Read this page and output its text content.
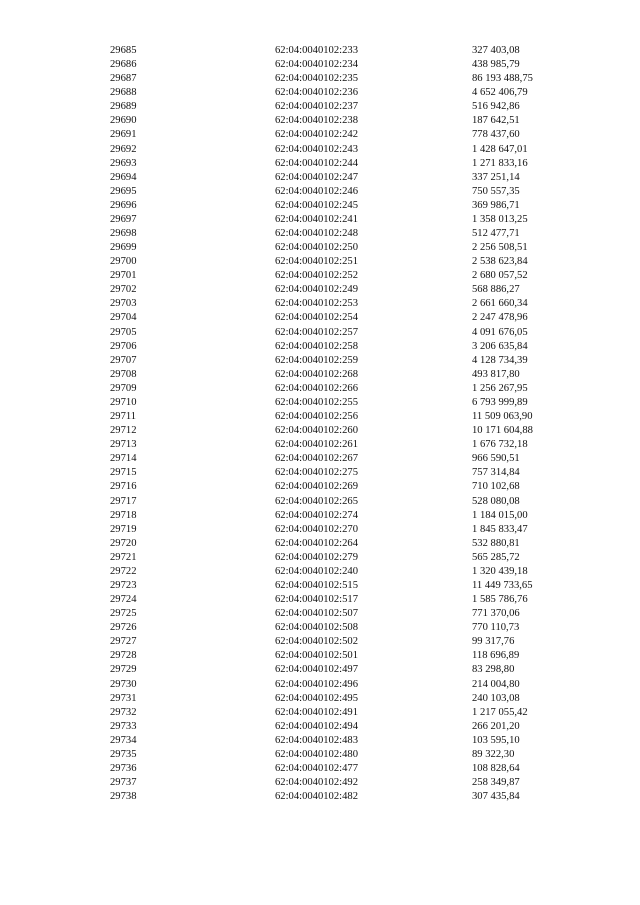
29685	62:04:0040102:233	327 403,08
29686	62:04:0040102:234	438 985,79
29687	62:04:0040102:235	86 193 488,75
29688	62:04:0040102:236	4 652 406,79
29689	62:04:0040102:237	516 942,86
29690	62:04:0040102:238	187 642,51
29691	62:04:0040102:242	778 437,60
29692	62:04:0040102:243	1 428 647,01
29693	62:04:0040102:244	1 271 833,16
29694	62:04:0040102:247	337 251,14
29695	62:04:0040102:246	750 557,35
29696	62:04:0040102:245	369 986,71
29697	62:04:0040102:241	1 358 013,25
29698	62:04:0040102:248	512 477,71
29699	62:04:0040102:250	2 256 508,51
29700	62:04:0040102:251	2 538 623,84
29701	62:04:0040102:252	2 680 057,52
29702	62:04:0040102:249	568 886,27
29703	62:04:0040102:253	2 661 660,34
29704	62:04:0040102:254	2 247 478,96
29705	62:04:0040102:257	4 091 676,05
29706	62:04:0040102:258	3 206 635,84
29707	62:04:0040102:259	4 128 734,39
29708	62:04:0040102:268	493 817,80
29709	62:04:0040102:266	1 256 267,95
29710	62:04:0040102:255	6 793 999,89
29711	62:04:0040102:256	11 509 063,90
29712	62:04:0040102:260	10 171 604,88
29713	62:04:0040102:261	1 676 732,18
29714	62:04:0040102:267	966 590,51
29715	62:04:0040102:275	757 314,84
29716	62:04:0040102:269	710 102,68
29717	62:04:0040102:265	528 080,08
29718	62:04:0040102:274	1 184 015,00
29719	62:04:0040102:270	1 845 833,47
29720	62:04:0040102:264	532 880,81
29721	62:04:0040102:279	565 285,72
29722	62:04:0040102:240	1 320 439,18
29723	62:04:0040102:515	11 449 733,65
29724	62:04:0040102:517	1 585 786,76
29725	62:04:0040102:507	771 370,06
29726	62:04:0040102:508	770 110,73
29727	62:04:0040102:502	99 317,76
29728	62:04:0040102:501	118 696,89
29729	62:04:0040102:497	83 298,80
29730	62:04:0040102:496	214 004,80
29731	62:04:0040102:495	240 103,08
29732	62:04:0040102:491	1 217 055,42
29733	62:04:0040102:494	266 201,20
29734	62:04:0040102:483	103 595,10
29735	62:04:0040102:480	89 322,30
29736	62:04:0040102:477	108 828,64
29737	62:04:0040102:492	258 349,87
29738	62:04:0040102:482	307 435,84
